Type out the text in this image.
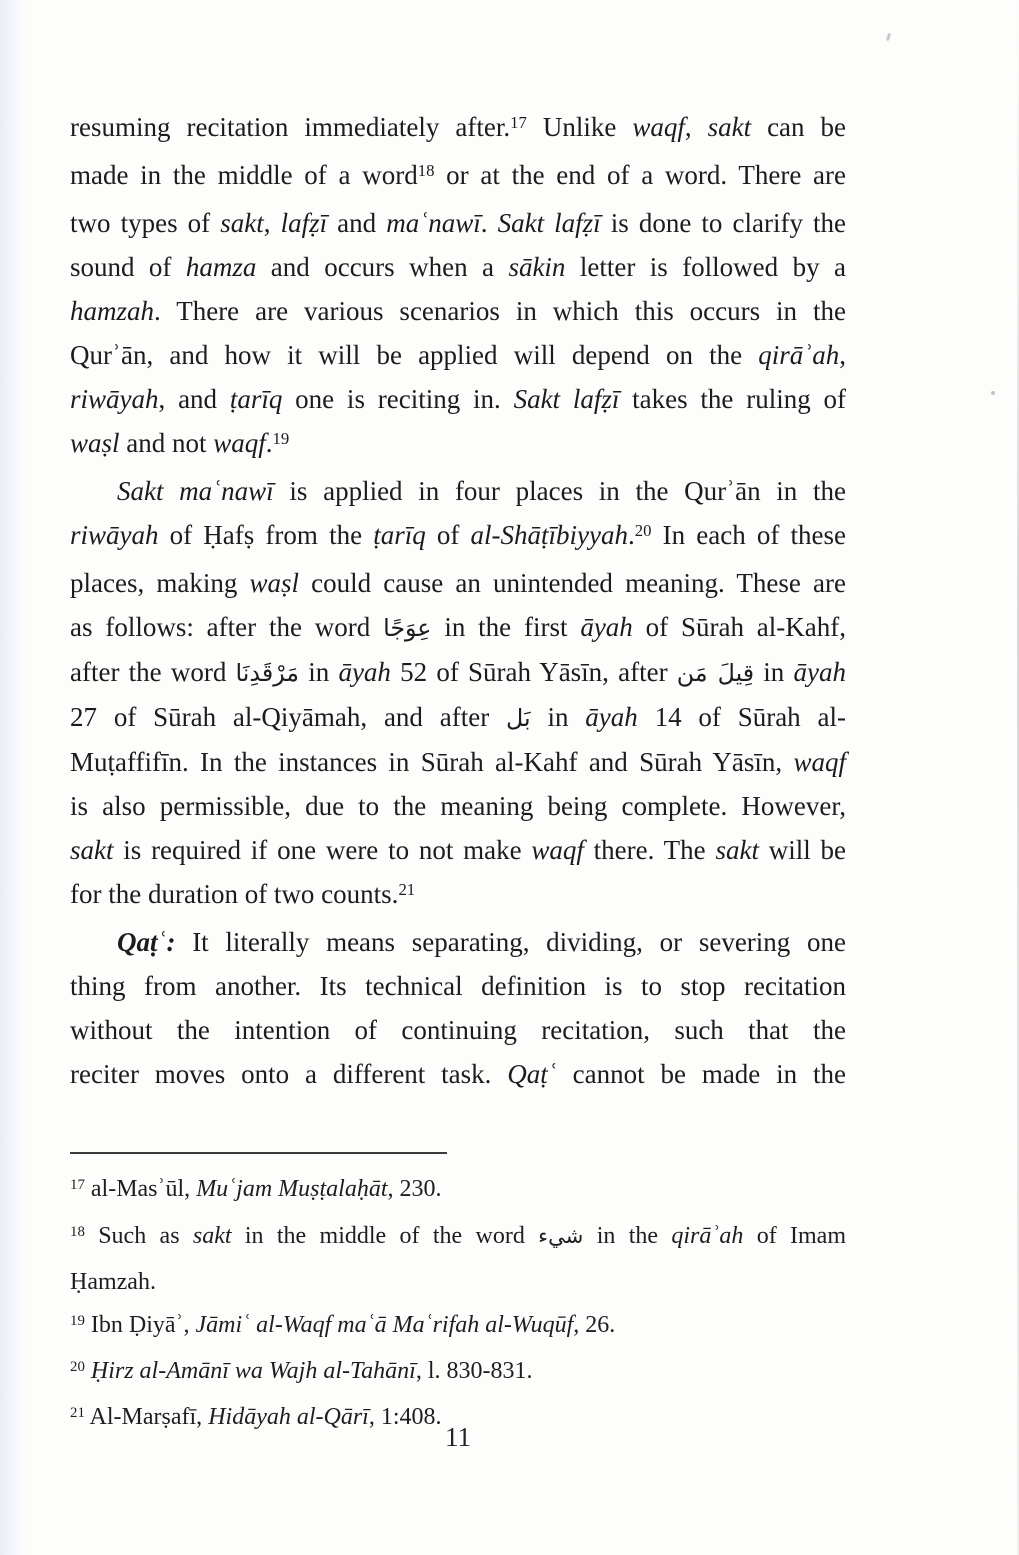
resuming recitation immediately after.$^{17}$ Unlike waqf, sakt can be
made in the middle of a word$^{18}$ or at the end of a word. There are
two types of sakt, lafẓī and maʿnawī. Sakt lafẓī is done to clarify the
sound of hamza and occurs when a sākin letter is followed by a
hamzah. There are various scenarios in which this occurs in the
Qurʾān, and how it will be applied will depend on the qirāʾah,
riwāyah, and ṭarīq one is reciting in. Sakt lafẓī takes the ruling of
waṣl and not waqf.$^{19}$
Sakt maʿnawī is applied in four places in the Qurʾān in the
riwāyah of Ḥafṣ from the ṭarīq of al-Shāṭībiyyah.$^{20}$ In each of these
places, making waṣl could cause an unintended meaning. These are
as follows: after the word عِوَجًا in the first āyah of Sūrah al-Kahf,
after the word مَرْقَدِنَا in āyah 52 of Sūrah Yāsīn, after قِيلَ مَن in āyah
27 of Sūrah al-Qiyāmah, and after بَل in āyah 14 of Sūrah al-
Muṭaffifīn. In the instances in Sūrah al-Kahf and Sūrah Yāsīn, waqf
is also permissible, due to the meaning being complete. However,
sakt is required if one were to not make waqf there. The sakt will be
for the duration of two counts.$^{21}$
Qaṭʿ: It literally means separating, dividing, or severing one
thing from another. Its technical definition is to stop recitation
without the intention of continuing recitation, such that the
reciter moves onto a different task. Qaṭʿ cannot be made in the
$^{17}$ al-Masʾūl, Muʿjam Muṣṭalaḥāt, 230.
$^{18}$ Such as sakt in the middle of the word شيء in the qirāʾah of Imam
Ḥamzah.
$^{19}$ Ibn Ḍiyāʾ, Jāmiʿ al-Waqf maʿā Maʿrifah al-Wuqūf, 26.
$^{20}$ Ḥirz al-Amānī wa Wajh al-Tahānī, l. 830-831.
$^{21}$ Al-Marṣafī, Hidāyah al-Qārī, 1:408.
11
